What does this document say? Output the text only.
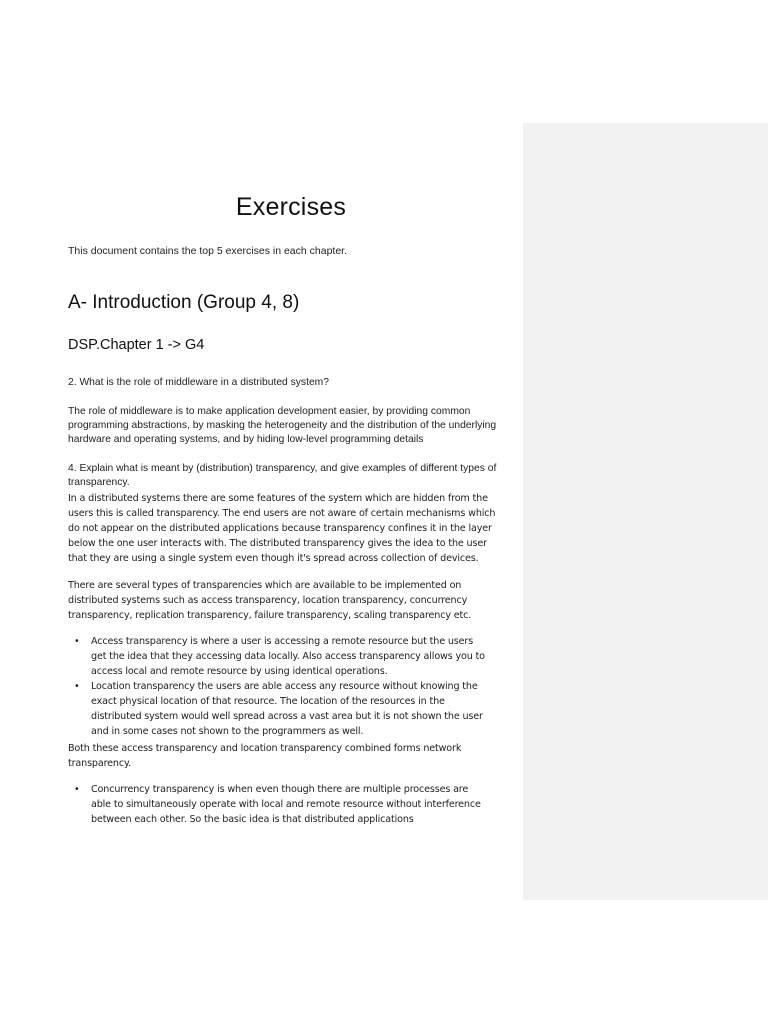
Exercises

This document contains the top 5 exercises in each chapter.

A- Introduction (Group 4, 8)
DSP.Chapter 1 -> G4

2. What is the role of middleware in a distributed system?

The role of middleware is to make application development easier, by providing common programming abstractions, by masking the heterogeneity and the distribution of the underlying hardware and operating systems, and by hiding low-level programming details

4. Explain what is meant by (distribution) transparency, and give examples of different types of transparency.

In a distributed systems there are some features of the system which are hidden from the users this is called transparency. The end users are not aware of certain mechanisms which do not appear on the distributed applications because transparency confines it in the layer below the one user interacts with. The distributed transparency gives the idea to the user that they are using a single system even though it's spread across collection of devices.

There are several types of transparencies which are available to be implemented on distributed systems such as access transparency, location transparency, concurrency transparency, replication transparency, failure transparency, scaling transparency etc.

• Access transparency is where a user is accessing a remote resource but the users get the idea that they accessing data locally. Also access transparency allows you to access local and remote resource by using identical operations.
• Location transparency the users are able access any resource without knowing the exact physical location of that resource. The location of the resources in the distributed system would well spread across a vast area but it is not shown the user and in some cases not shown to the programmers as well.

Both these access transparency and location transparency combined forms network transparency.

• Concurrency transparency is when even though there are multiple processes are able to simultaneously operate with local and remote resource without interference between each other. So the basic idea is that distributed applications
